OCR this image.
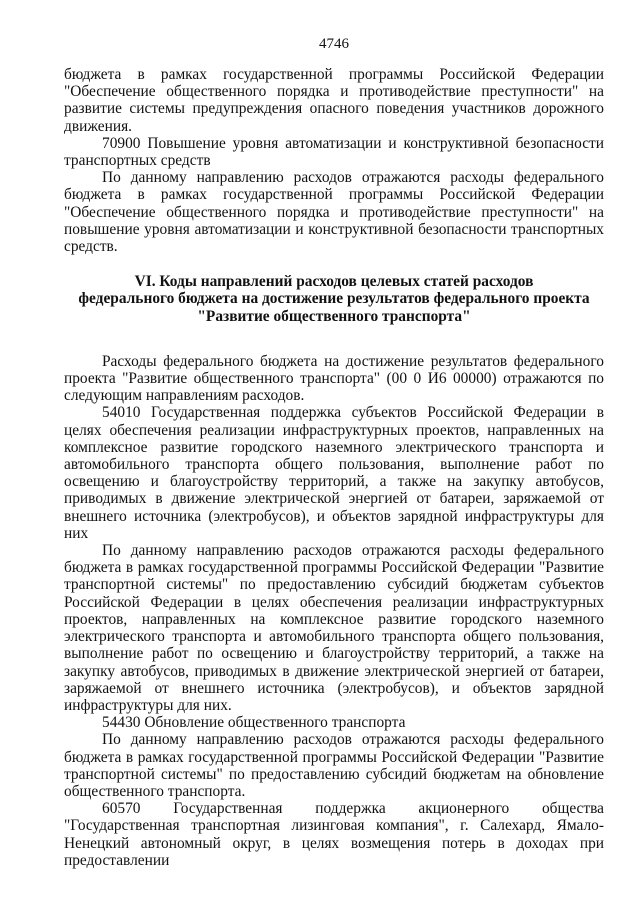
4746

бюджета в рамках государственной программы Российской Федерации "Обеспечение общественного порядка и противодействие преступности" на развитие системы предупреждения опасного поведения участников дорожного движения.

70900 Повышение уровня автоматизации и конструктивной безопасности транспортных средств

По данному направлению расходов отражаются расходы федерального бюджета в рамках государственной программы Российской Федерации "Обеспечение общественного порядка и противодействие преступности" на повышение уровня автоматизации и конструктивной безопасности транспортных средств.

VI. Коды направлений расходов целевых статей расходов
федерального бюджета на достижение результатов федерального проекта
"Развитие общественного транспорта"

Расходы федерального бюджета на достижение результатов федерального проекта "Развитие общественного транспорта" (00 0 И6 00000) отражаются по следующим направлениям расходов.

54010 Государственная поддержка субъектов Российской Федерации в целях обеспечения реализации инфраструктурных проектов, направленных на комплексное развитие городского наземного электрического транспорта и автомобильного транспорта общего пользования, выполнение работ по освещению и благоустройству территорий, а также на закупку автобусов, приводимых в движение электрической энергией от батареи, заряжаемой от внешнего источника (электробусов), и объектов зарядной инфраструктуры для них

По данному направлению расходов отражаются расходы федерального бюджета в рамках государственной программы Российской Федерации "Развитие транспортной системы" по предоставлению субсидий бюджетам субъектов Российской Федерации в целях обеспечения реализации инфраструктурных проектов, направленных на комплексное развитие городского наземного электрического транспорта и автомобильного транспорта общего пользования, выполнение работ по освещению и благоустройству территорий, а также на закупку автобусов, приводимых в движение электрической энергией от батареи, заряжаемой от внешнего источника (электробусов), и объектов зарядной инфраструктуры для них.

54430 Обновление общественного транспорта

По данному направлению расходов отражаются расходы федерального бюджета в рамках государственной программы Российской Федерации "Развитие транспортной системы" по предоставлению субсидий бюджетам на обновление общественного транспорта.

60570 Государственная поддержка акционерного общества "Государственная транспортная лизинговая компания", г. Салехард, Ямало-Ненецкий автономный округ, в целях возмещения потерь в доходах при предоставлении
